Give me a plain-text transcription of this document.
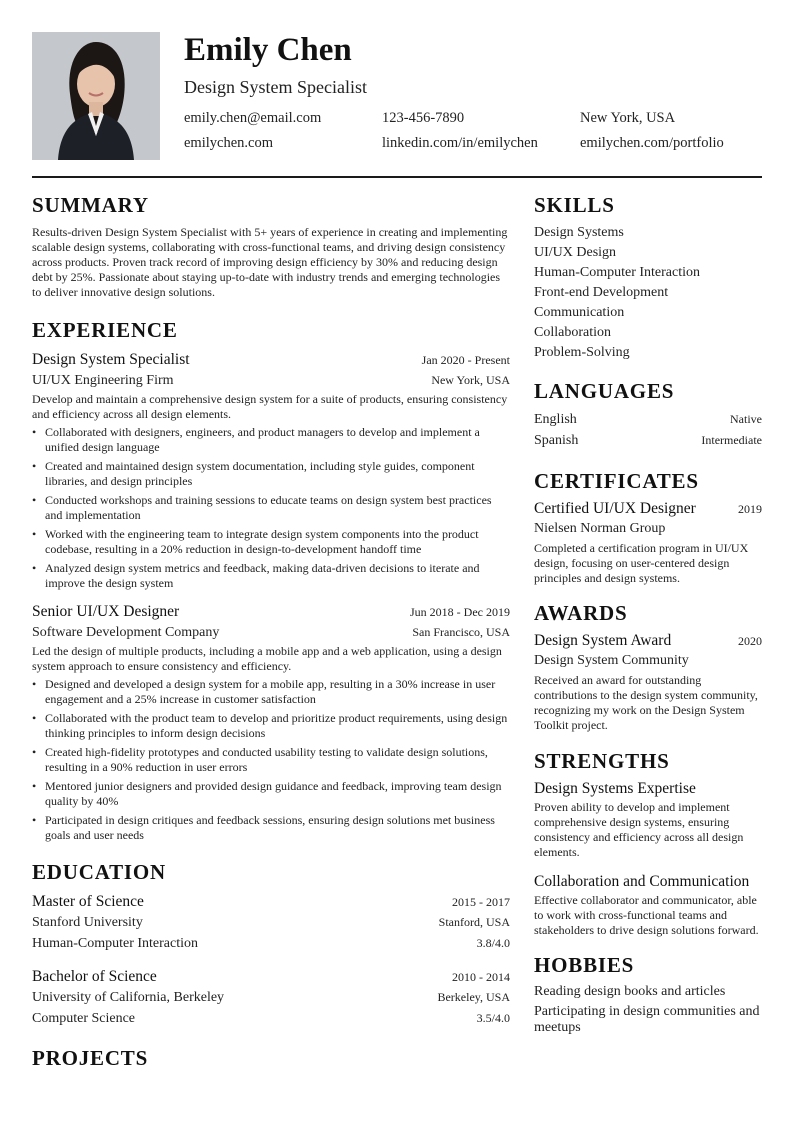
Emily Chen
Design System Specialist
emily.chen@email.com	123-456-7890	New York, USA
emilychen.com	linkedin.com/in/emilychen	emilychen.com/portfolio
SUMMARY
Results-driven Design System Specialist with 5+ years of experience in creating and implementing scalable design systems, collaborating with cross-functional teams, and driving design consistency across products. Proven track record of improving design efficiency by 30% and reducing design debt by 25%. Passionate about staying up-to-date with industry trends and emerging technologies to deliver innovative design solutions.
EXPERIENCE
Design System Specialist	Jan 2020 - Present
UI/UX Engineering Firm	New York, USA
Develop and maintain a comprehensive design system for a suite of products, ensuring consistency and efficiency across all design elements.
• Collaborated with designers, engineers, and product managers to develop and implement a unified design language
• Created and maintained design system documentation, including style guides, component libraries, and design principles
• Conducted workshops and training sessions to educate teams on design system best practices and implementation
• Worked with the engineering team to integrate design system components into the product codebase, resulting in a 20% reduction in design-to-development handoff time
• Analyzed design system metrics and feedback, making data-driven decisions to iterate and improve the design system
Senior UI/UX Designer	Jun 2018 - Dec 2019
Software Development Company	San Francisco, USA
Led the design of multiple products, including a mobile app and a web application, using a design system approach to ensure consistency and efficiency.
• Designed and developed a design system for a mobile app, resulting in a 30% increase in user engagement and a 25% increase in customer satisfaction
• Collaborated with the product team to develop and prioritize product requirements, using design thinking principles to inform design decisions
• Created high-fidelity prototypes and conducted usability testing to validate design solutions, resulting in a 90% reduction in user errors
• Mentored junior designers and provided design guidance and feedback, improving team design quality by 40%
• Participated in design critiques and feedback sessions, ensuring design solutions met business goals and user needs
EDUCATION
Master of Science	2015 - 2017
Stanford University	Stanford, USA
Human-Computer Interaction	3.8/4.0
Bachelor of Science	2010 - 2014
University of California, Berkeley	Berkeley, USA
Computer Science	3.5/4.0
PROJECTS
SKILLS
Design Systems
UI/UX Design
Human-Computer Interaction
Front-end Development
Communication
Collaboration
Problem-Solving
LANGUAGES
English	Native
Spanish	Intermediate
CERTIFICATES
Certified UI/UX Designer	2019
Nielsen Norman Group
Completed a certification program in UI/UX design, focusing on user-centered design principles and design systems.
AWARDS
Design System Award	2020
Design System Community
Received an award for outstanding contributions to the design system community, recognizing my work on the Design System Toolkit project.
STRENGTHS
Design Systems Expertise
Proven ability to develop and implement comprehensive design systems, ensuring consistency and efficiency across all design elements.
Collaboration and Communication
Effective collaborator and communicator, able to work with cross-functional teams and stakeholders to drive design solutions forward.
HOBBIES
Reading design books and articles
Participating in design communities and meetups
